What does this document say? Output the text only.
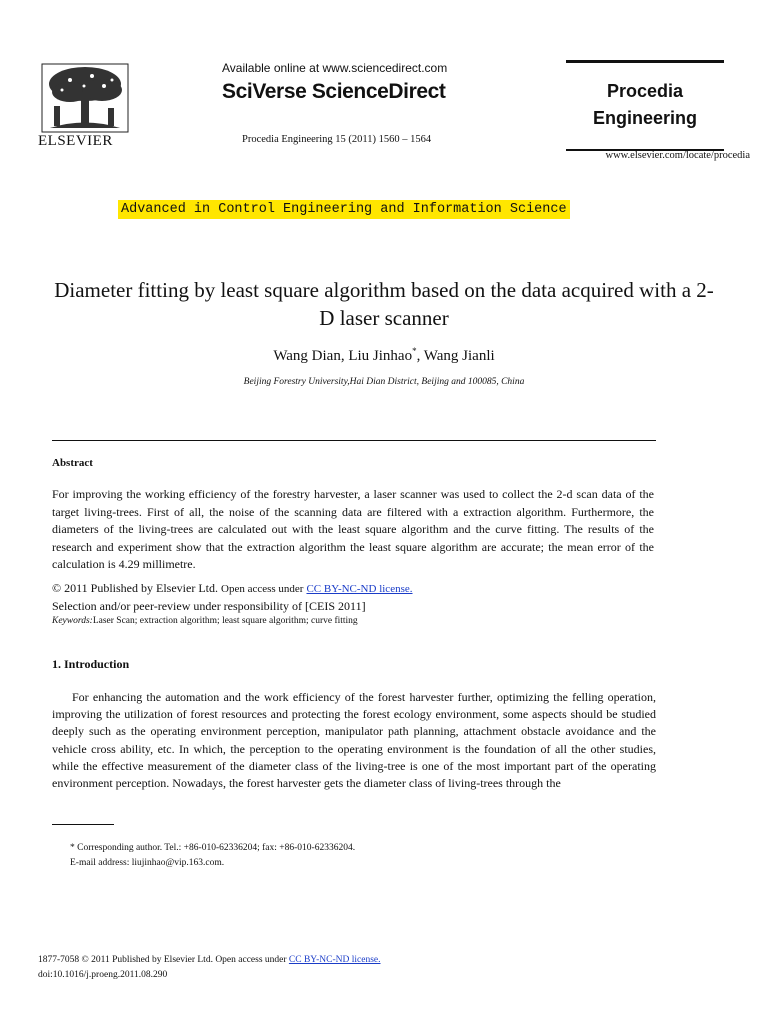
ELSEVIER
Available online at www.sciencedirect.com
SciVerse ScienceDirect
Procedia Engineering 15 (2011) 1560 – 1564
Procedia
Engineering
www.elsevier.com/locate/procedia
Advanced in Control Engineering and Information Science
Diameter fitting by least square algorithm based on the data acquired with a 2-D laser scanner
Wang Dian, Liu Jinhao*, Wang Jianli
Beijing Forestry University,Hai Dian District, Beijing and 100085, China
Abstract
For improving the working efficiency of the forestry harvester, a laser scanner was used to collect the 2-d scan data of the target living-trees. First of all, the noise of the scanning data are filtered with a extraction algorithm. Furthermore, the diameters of the living-trees are calculated out with the least square algorithm and the curve fitting. The results of the research and experiment show that the extraction algorithm the least square algorithm are accurate; the mean error of the calculation is 4.29 millimetre.
© 2011 Published by Elsevier Ltd. Open access under CC BY-NC-ND license.
Selection and/or peer-review under responsibility of [CEIS 2011]
Keywords:Laser Scan; extraction algorithm; least square algorithm; curve fitting
1. Introduction
For enhancing the automation and the work efficiency of the forest harvester further, optimizing the felling operation, improving the utilization of forest resources and protecting the forest ecology environment, some aspects should be studied deeply such as the operating environment perception, manipulator path planning, attachment obstacle avoidance and the vehicle cross ability, etc. In which, the perception to the operating environment is the foundation of all the other studies, while the effective measurement of the diameter class of the living-tree is one of the most important part of the operating environment perception. Nowadays, the forest harvester gets the diameter class of living-trees through the
* Corresponding author. Tel.: +86-010-62336204; fax: +86-010-62336204.
E-mail address: liujinhao@vip.163.com.
1877-7058 © 2011 Published by Elsevier Ltd. Open access under CC BY-NC-ND license.
doi:10.1016/j.proeng.2011.08.290
